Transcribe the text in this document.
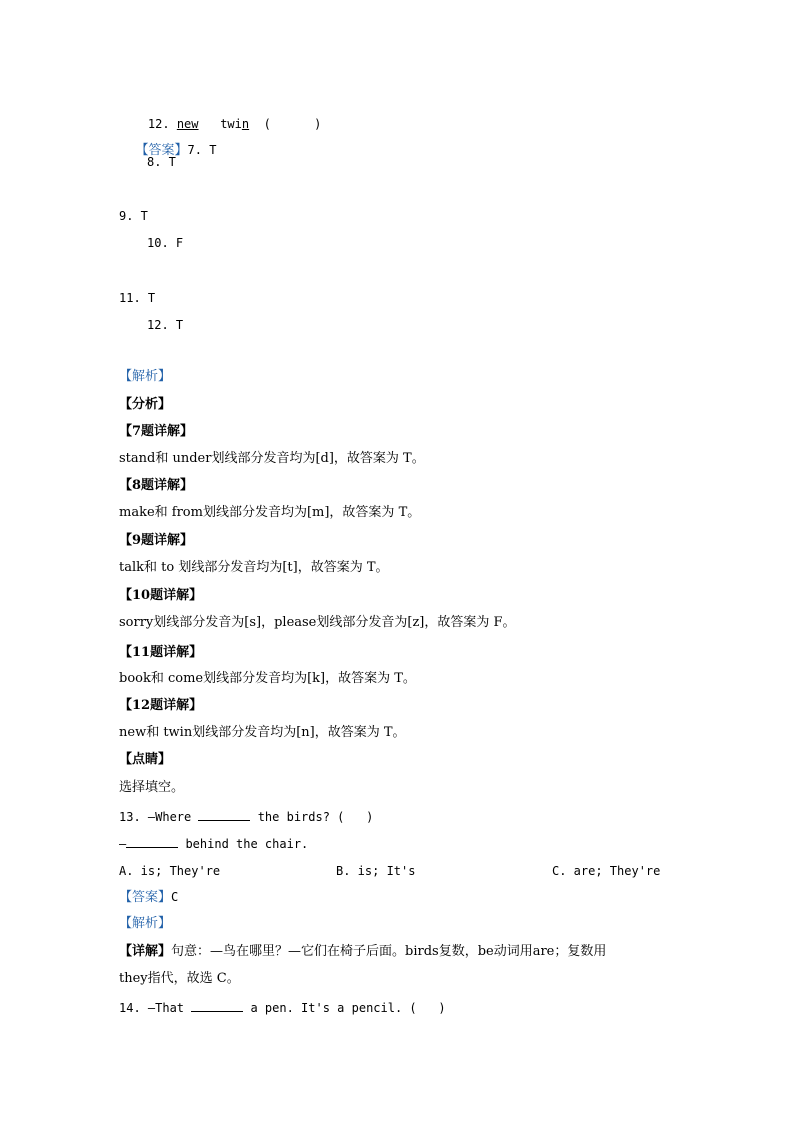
12. new twin (      )

【答案】7. T

8. T
9. T
10. F
11. T
12. T
【解析】
【分析】
【7题详解】
stand和 under划线部分发音均为[d]，故答案为 T。
【8题详解】
make和 from划线部分发音均为[m]，故答案为 T。
【9题详解】
talk和 to 划线部分发音均为[t]，故答案为 T。
【10题详解】
sorry划线部分发音为[s]，please划线部分发音为[z]，故答案为 F。
【11题详解】
book和 come划线部分发音均为[k]，故答案为 T。
【12题详解】
new和 twin划线部分发音均为[n]，故答案为 T。
【点睛】
选择填空。
13. —Where	the birds? (   )
—	behind the chair.

A. is; They're

	B. is; It's

	C. are; They're

【答案】C
【解析】
【详解】句意：—鸟在哪里？—它们在椅子后面。birds复数，be动词用are；复数用
they指代，故选 C。
14. —That	a pen. It's a pencil. (   )
